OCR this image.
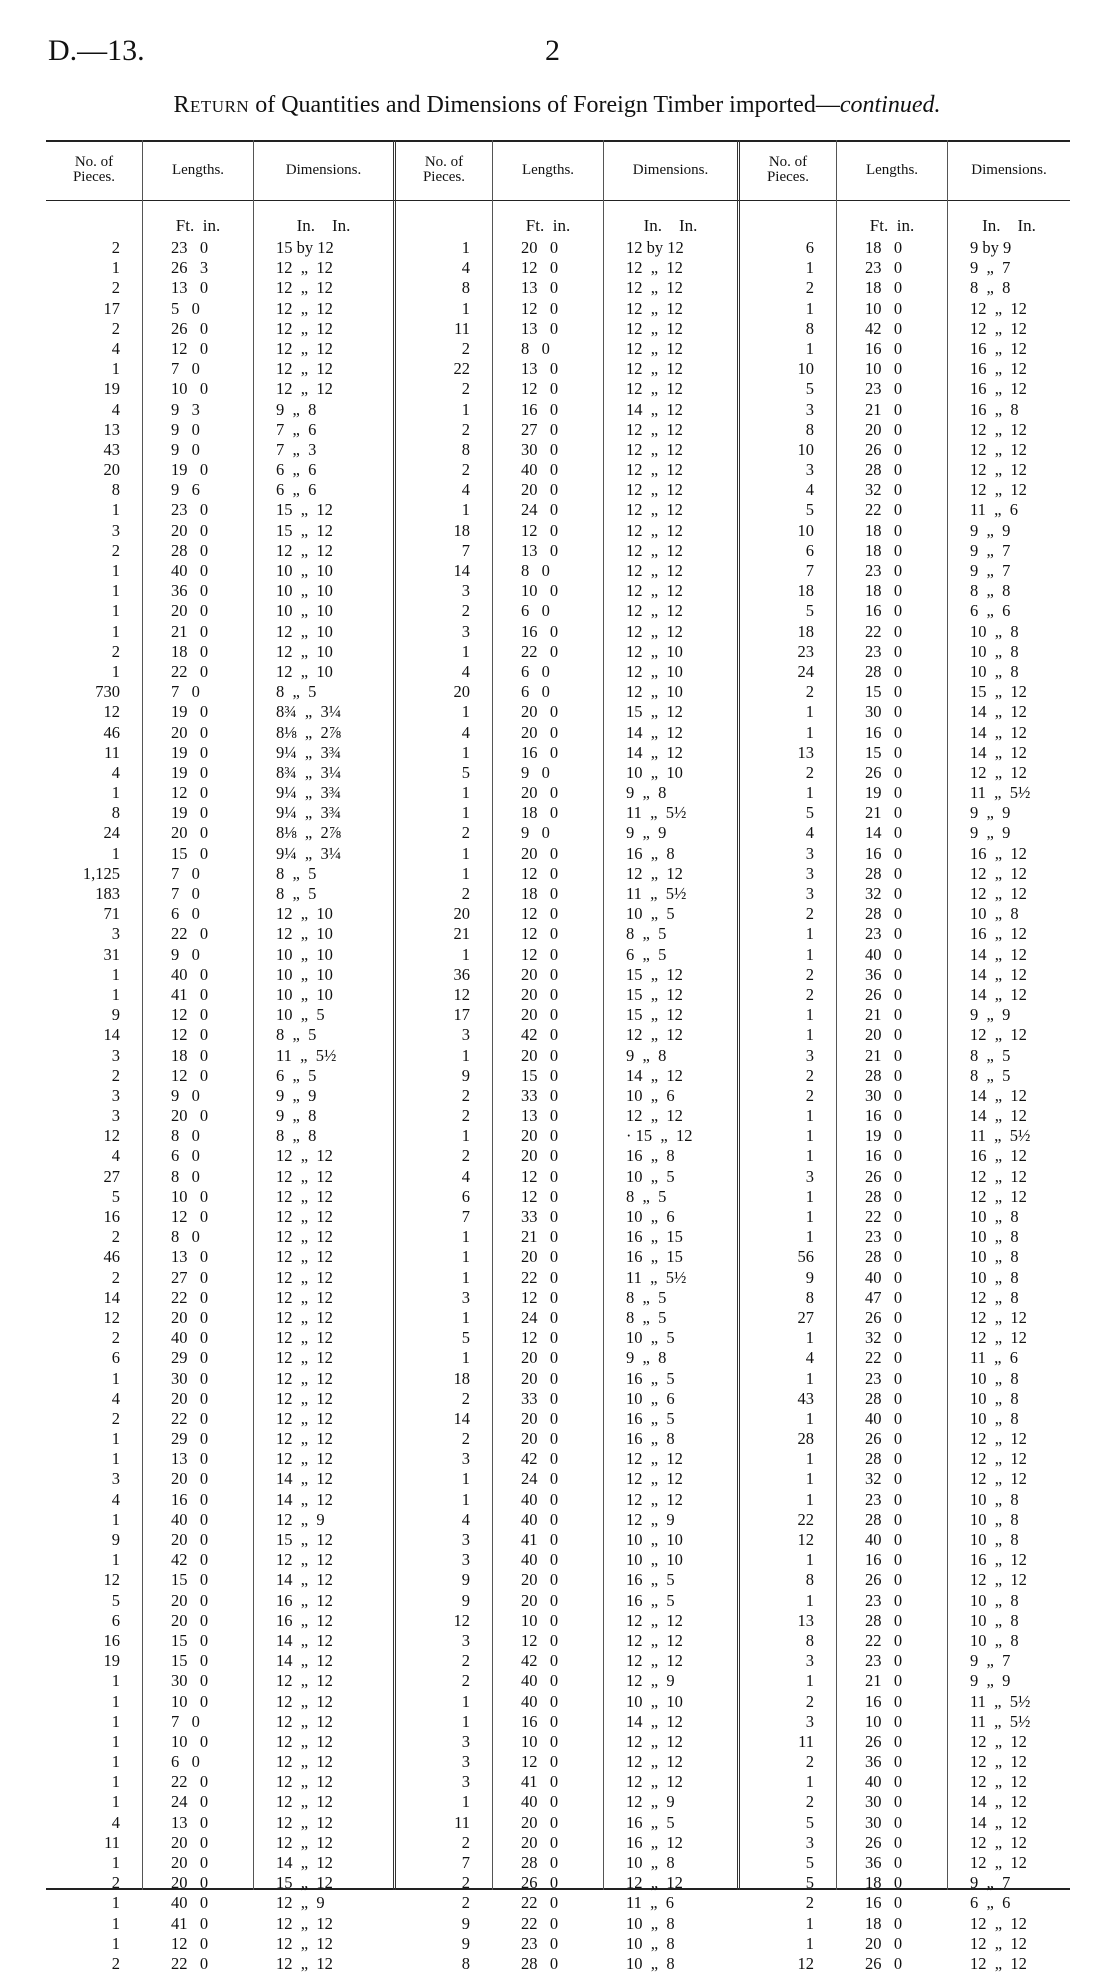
D.—13.	2
Return of Quantities and Dimensions of Foreign Timber imported—continued.
No. of
Pieces.
2
1
2
17
2
4
1
19
4
13
43
20
8
1
3
2
1
1
1
1
2
1
730
12
46
11
4
1
8
24
1
1,125
183
71
3
31
1
1
9
14
3
2
3
3
12
4
27
5
16
2
46
2
14
12
2
6
1
4
2
1
1
3
4
1
9
1
12
5
6
16
19
1
1
1
1
1
1
1
4
11
1
2
1
1
1
2
Lengths.
Ft.  in.
23   0
26   3
13   0
5   0
26   0
12   0
7   0
10   0
9   3
9   0
9   0
19   0
9   6
23   0
20   0
28   0
40   0
36   0
20   0
21   0
18   0
22   0
7   0
19   0
20   0
19   0
19   0
12   0
19   0
20   0
15   0
7   0
7   0
6   0
22   0
9   0
40   0
41   0
12   0
12   0
18   0
12   0
9   0
20   0
8   0
6   0
8   0
10   0
12   0
8   0
13   0
27   0
22   0
20   0
40   0
29   0
30   0
20   0
22   0
29   0
13   0
20   0
16   0
40   0
20   0
42   0
15   0
20   0
20   0
15   0
15   0
30   0
10   0
7   0
10   0
6   0
22   0
24   0
13   0
20   0
20   0
20   0
40   0
41   0
12   0
22   0
Dimensions.
In.    In.
15 by 12
12  „  12
12  „  12
12  „  12
12  „  12
12  „  12
12  „  12
12  „  12
9  „  8
7  „  6
7  „  3
6  „  6
6  „  6
15  „  12
15  „  12
12  „  12
10  „  10
10  „  10
10  „  10
12  „  10
12  „  10
12  „  10
8  „  5
8¾  „  3¼
8⅛  „  2⅞
9¼  „  3¾
8¾  „  3¼
9¼  „  3¾
9¼  „  3¾
8⅛  „  2⅞
9¼  „  3¼
8  „  5
8  „  5
12  „  10
12  „  10
10  „  10
10  „  10
10  „  10
10  „  5
8  „  5
11  „  5½
6  „  5
9  „  9
9  „  8
8  „  8
12  „  12
12  „  12
12  „  12
12  „  12
12  „  12
12  „  12
12  „  12
12  „  12
12  „  12
12  „  12
12  „  12
12  „  12
12  „  12
12  „  12
12  „  12
12  „  12
14  „  12
14  „  12
12  „  9
15  „  12
12  „  12
14  „  12
16  „  12
16  „  12
14  „  12
14  „  12
12  „  12
12  „  12
12  „  12
12  „  12
12  „  12
12  „  12
12  „  12
12  „  12
12  „  12
14  „  12
15  „  12
12  „  9
12  „  12
12  „  12
12  „  12
No. of
Pieces.
1
4
8
1
11
2
22
2
1
2
8
2
4
1
18
7
14
3
2
3
1
4
20
1
4
1
5
1
1
2
1
1
2
20
21
1
36
12
17
3
1
9
2
2
1
2
4
6
7
1
1
1
3
1
5
1
18
2
14
2
3
1
1
4
3
3
9
9
12
3
2
2
1
1
3
3
3
1
11
2
7
2
2
9
9
8
Lengths.
Ft.  in.
20   0
12   0
13   0
12   0
13   0
8   0
13   0
12   0
16   0
27   0
30   0
40   0
20   0
24   0
12   0
13   0
8   0
10   0
6   0
16   0
22   0
6   0
6   0
20   0
20   0
16   0
9   0
20   0
18   0
9   0
20   0
12   0
18   0
12   0
12   0
12   0
20   0
20   0
20   0
42   0
20   0
15   0
33   0
13   0
20   0
20   0
12   0
12   0
33   0
21   0
20   0
22   0
12   0
24   0
12   0
20   0
20   0
33   0
20   0
20   0
42   0
24   0
40   0
40   0
41   0
40   0
20   0
20   0
10   0
12   0
42   0
40   0
40   0
16   0
10   0
12   0
41   0
40   0
20   0
20   0
28   0
26   0
22   0
22   0
23   0
28   0
Dimensions.
In.    In.
12 by 12
12  „  12
12  „  12
12  „  12
12  „  12
12  „  12
12  „  12
12  „  12
14  „  12
12  „  12
12  „  12
12  „  12
12  „  12
12  „  12
12  „  12
12  „  12
12  „  12
12  „  12
12  „  12
12  „  12
12  „  10
12  „  10
12  „  10
15  „  12
14  „  12
14  „  12
10  „  10
9  „  8
11  „  5½
9  „  9
16  „  8
12  „  12
11  „  5½
10  „  5
8  „  5
6  „  5
15  „  12
15  „  12
15  „  12
12  „  12
9  „  8
14  „  12
10  „  6
12  „  12
· 15  „  12
16  „  8
10  „  5
8  „  5
10  „  6
16  „  15
16  „  15
11  „  5½
8  „  5
8  „  5
10  „  5
9  „  8
16  „  5
10  „  6
16  „  5
16  „  8
12  „  12
12  „  12
12  „  12
12  „  9
10  „  10
10  „  10
16  „  5
16  „  5
12  „  12
12  „  12
12  „  12
12  „  9
10  „  10
14  „  12
12  „  12
12  „  12
12  „  12
12  „  9
16  „  5
16  „  12
10  „  8
12  „  12
11  „  6
10  „  8
10  „  8
10  „  8
No. of
Pieces.
6
1
2
1
8
1
10
5
3
8
10
3
4
5
10
6
7
18
5
18
23
24
2
1
1
13
2
1
5
4
3
3
3
2
1
1
2
2
1
1
3
2
2
1
1
1
3
1
1
1
56
9
8
27
1
4
1
43
1
28
1
1
1
22
12
1
8
1
13
8
3
1
2
3
11
2
1
2
5
3
5
5
2
1
1
12
Lengths.
Ft.  in.
18   0
23   0
18   0
10   0
42   0
16   0
10   0
23   0
21   0
20   0
26   0
28   0
32   0
22   0
18   0
18   0
23   0
18   0
16   0
22   0
23   0
28   0
15   0
30   0
16   0
15   0
26   0
19   0
21   0
14   0
16   0
28   0
32   0
28   0
23   0
40   0
36   0
26   0
21   0
20   0
21   0
28   0
30   0
16   0
19   0
16   0
26   0
28   0
22   0
23   0
28   0
40   0
47   0
26   0
32   0
22   0
23   0
28   0
40   0
26   0
28   0
32   0
23   0
28   0
40   0
16   0
26   0
23   0
28   0
22   0
23   0
21   0
16   0
10   0
26   0
36   0
40   0
30   0
30   0
26   0
36   0
18   0
16   0
18   0
20   0
26   0
Dimensions.
In.    In.
9 by 9
9  „  7
8  „  8
12  „  12
12  „  12
16  „  12
16  „  12
16  „  12
16  „  8
12  „  12
12  „  12
12  „  12
12  „  12
11  „  6
9  „  9
9  „  7
9  „  7
8  „  8
6  „  6
10  „  8
10  „  8
10  „  8
15  „  12
14  „  12
14  „  12
14  „  12
12  „  12
11  „  5½
9  „  9
9  „  9
16  „  12
12  „  12
12  „  12
10  „  8
16  „  12
14  „  12
14  „  12
14  „  12
9  „  9
12  „  12
8  „  5
8  „  5
14  „  12
14  „  12
11  „  5½
16  „  12
12  „  12
12  „  12
10  „  8
10  „  8
10  „  8
10  „  8
12  „  8
12  „  12
12  „  12
11  „  6
10  „  8
10  „  8
10  „  8
12  „  12
12  „  12
12  „  12
10  „  8
10  „  8
10  „  8
16  „  12
12  „  12
10  „  8
10  „  8
10  „  8
9  „  7
9  „  9
11  „  5½
11  „  5½
12  „  12
12  „  12
12  „  12
14  „  12
14  „  12
12  „  12
12  „  12
9  „  7
6  „  6
12  „  12
12  „  12
12  „  12
